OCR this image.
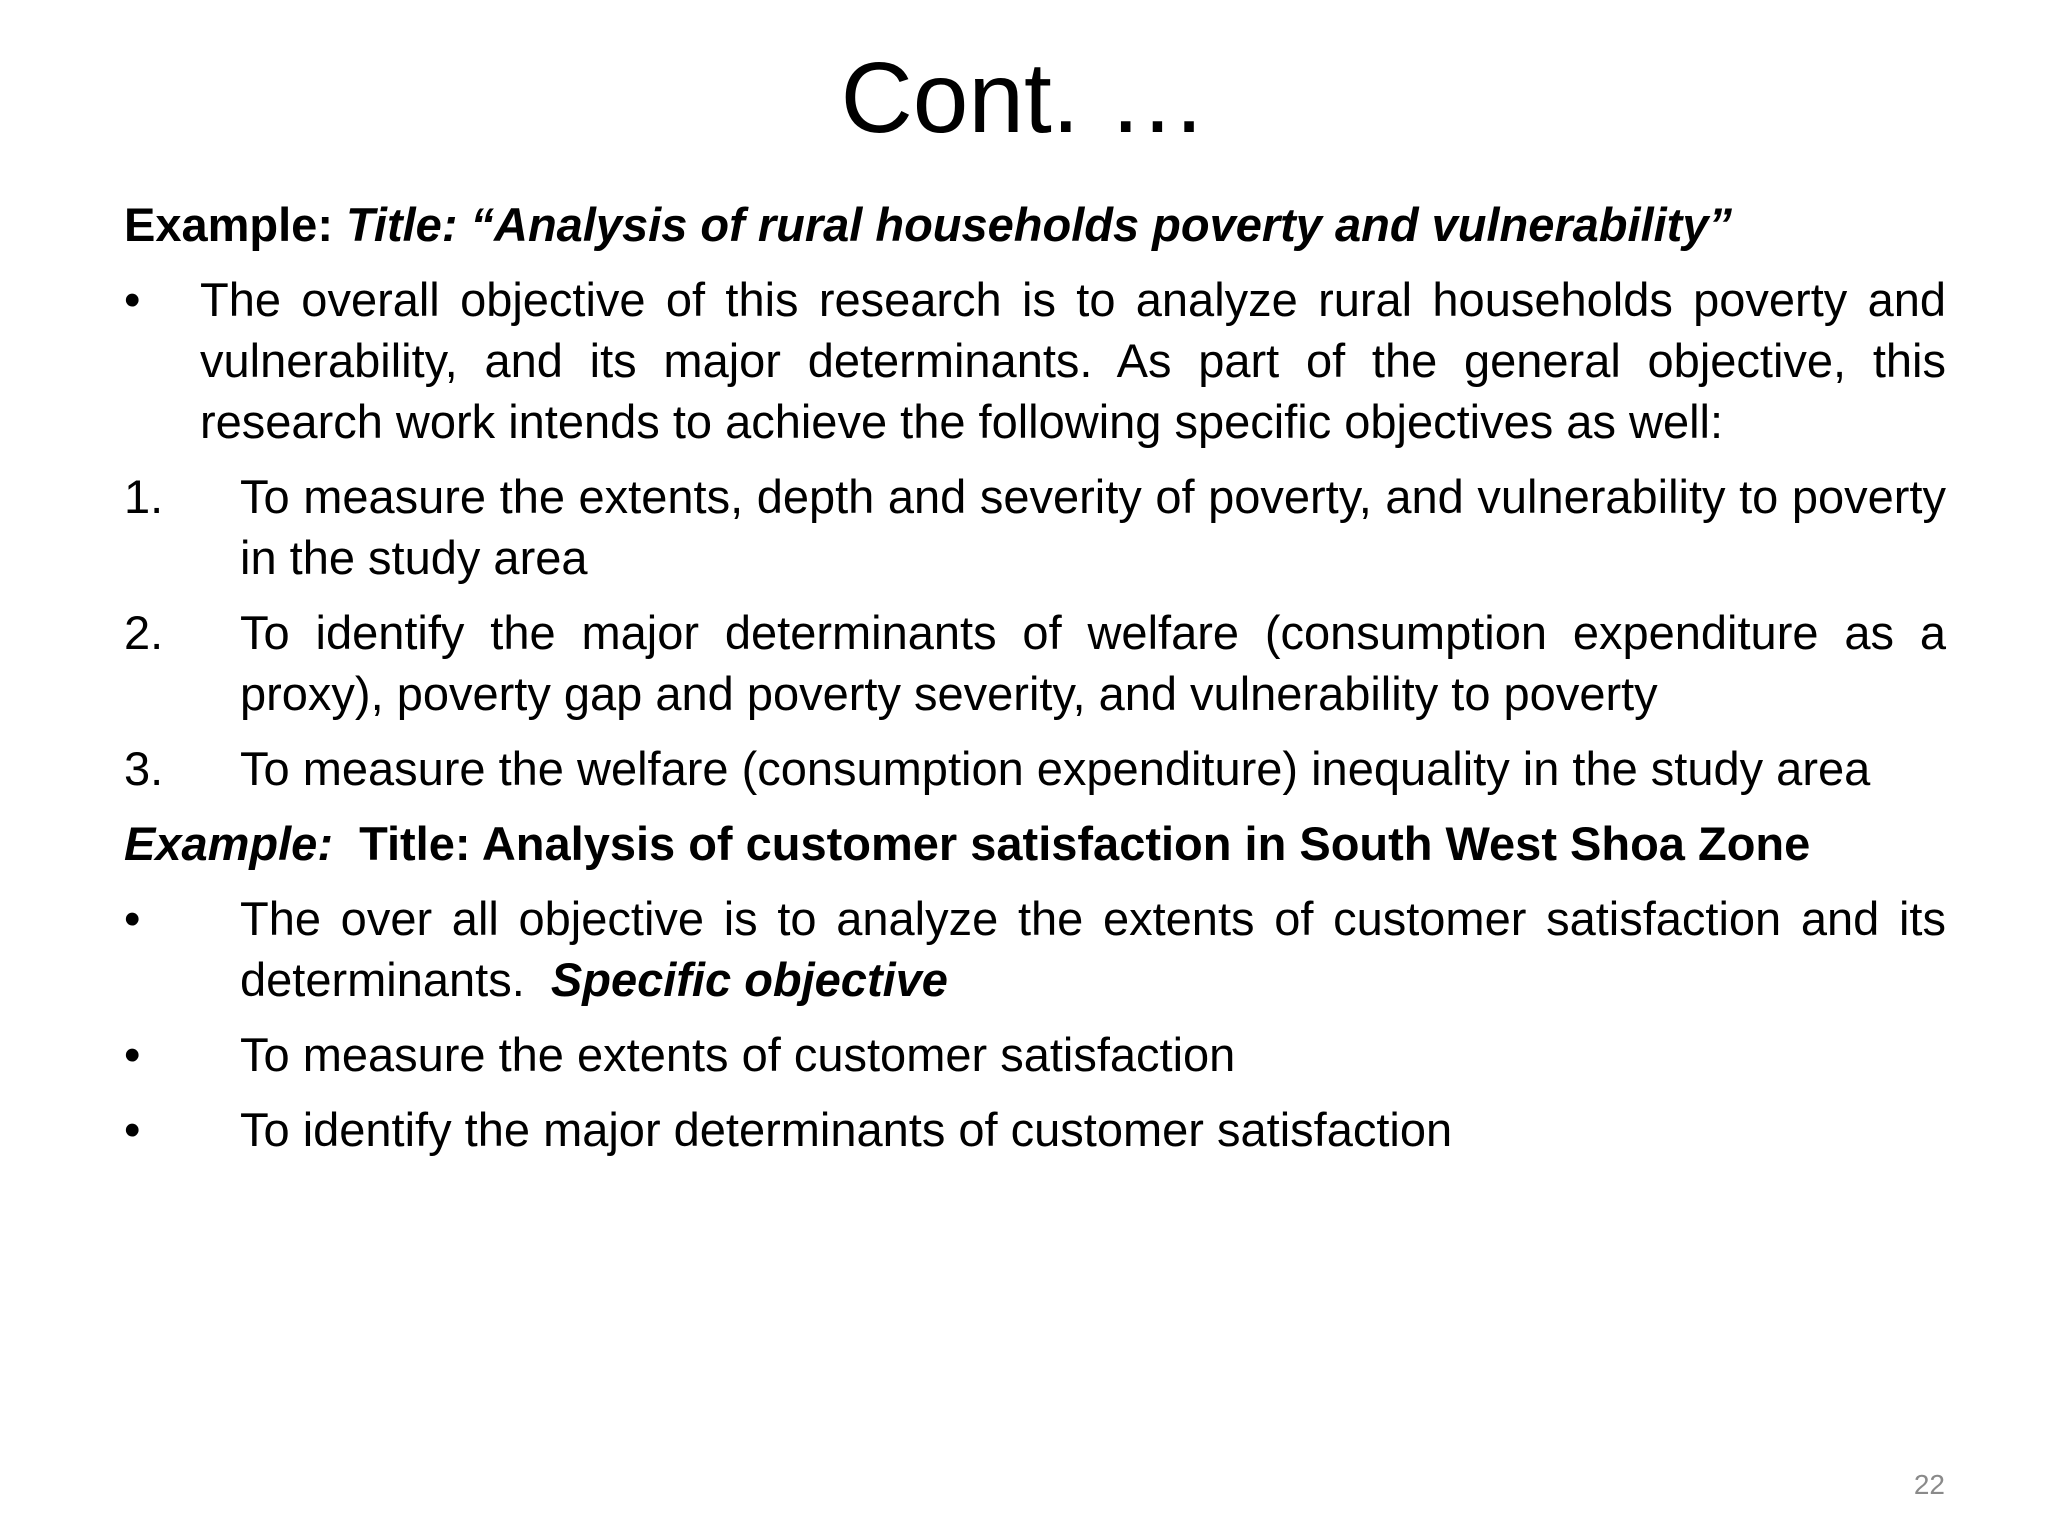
Cont. …
Example: Title: “Analysis of rural households poverty and vulnerability”
• The overall objective of this research is to analyze rural households poverty and vulnerability, and its major determinants. As part of the general objective, this research work intends to achieve the following specific objectives as well:
1. To measure the extents, depth and severity of poverty, and vulnerability to poverty in the study area
2. To identify the major determinants of welfare (consumption expenditure as a proxy), poverty gap and poverty severity, and vulnerability to poverty
3. To measure the welfare (consumption expenditure) inequality in the study area
Example: Title: Analysis of customer satisfaction in South West Shoa Zone
• The over all objective is to analyze the extents of customer satisfaction and its determinants. Specific objective
• To measure the extents of customer satisfaction
• To identify the major determinants of customer satisfaction
22
